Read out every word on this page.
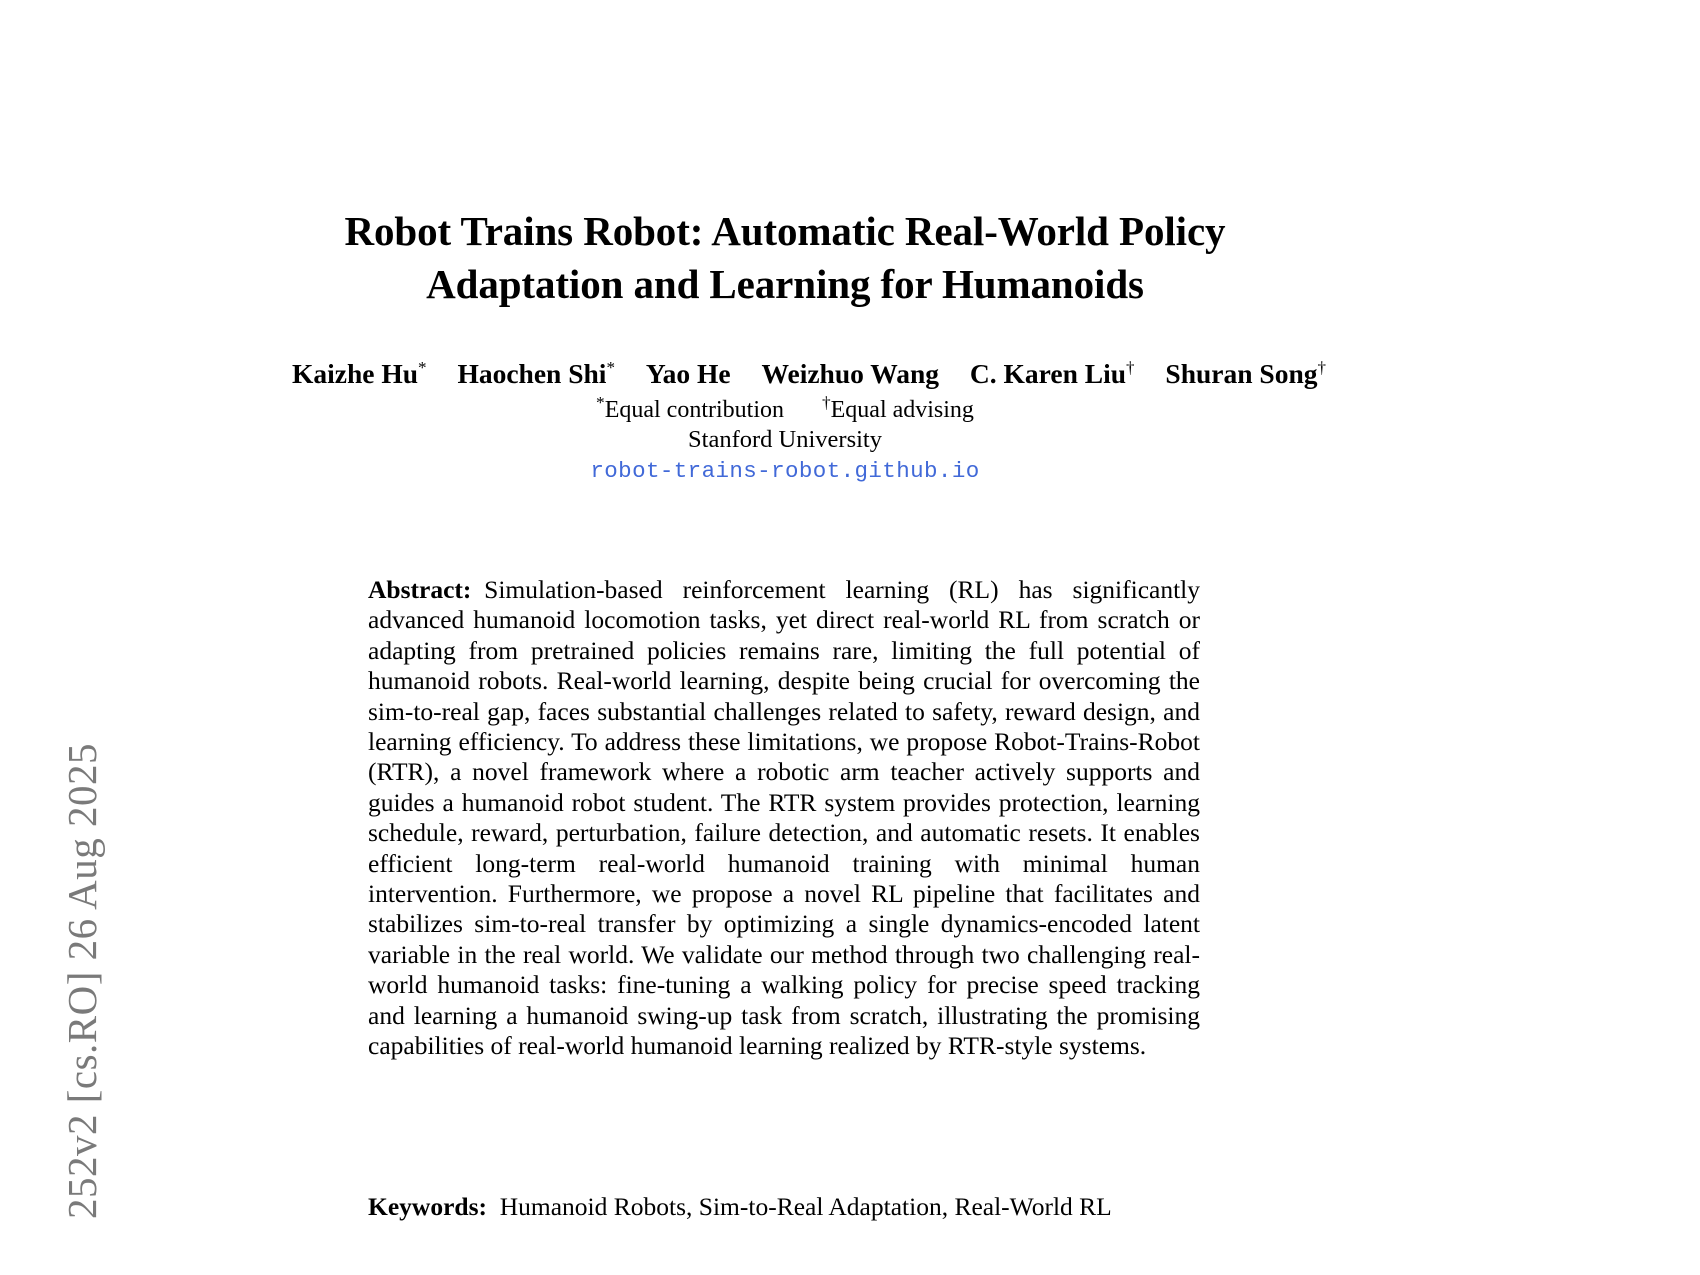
252v2 [cs.RO] 26 Aug 2025
Robot Trains Robot: Automatic Real-World Policy Adaptation and Learning for Humanoids
Kaizhe Hu* Haochen Shi* Yao He Weizhuo Wang C. Karen Liu† Shuran Song†
*Equal contribution †Equal advising
Stanford University
robot-trains-robot.github.io

Abstract: Simulation-based reinforcement learning (RL) has significantly advanced humanoid locomotion tasks, yet direct real-world RL from scratch or adapting from pretrained policies remains rare, limiting the full potential of humanoid robots. Real-world learning, despite being crucial for overcoming the sim-to-real gap, faces substantial challenges related to safety, reward design, and learning efficiency. To address these limitations, we propose Robot-Trains-Robot (RTR), a novel framework where a robotic arm teacher actively supports and guides a humanoid robot student. The RTR system provides protection, learning schedule, reward, perturbation, failure detection, and automatic resets. It enables efficient long-term real-world humanoid training with minimal human intervention. Furthermore, we propose a novel RL pipeline that facilitates and stabilizes sim-to-real transfer by optimizing a single dynamics-encoded latent variable in the real world. We validate our method through two challenging real-world humanoid tasks: fine-tuning a walking policy for precise speed tracking and learning a humanoid swing-up task from scratch, illustrating the promising capabilities of real-world humanoid learning realized by RTR-style systems.

Keywords: Humanoid Robots, Sim-to-Real Adaptation, Real-World RL
